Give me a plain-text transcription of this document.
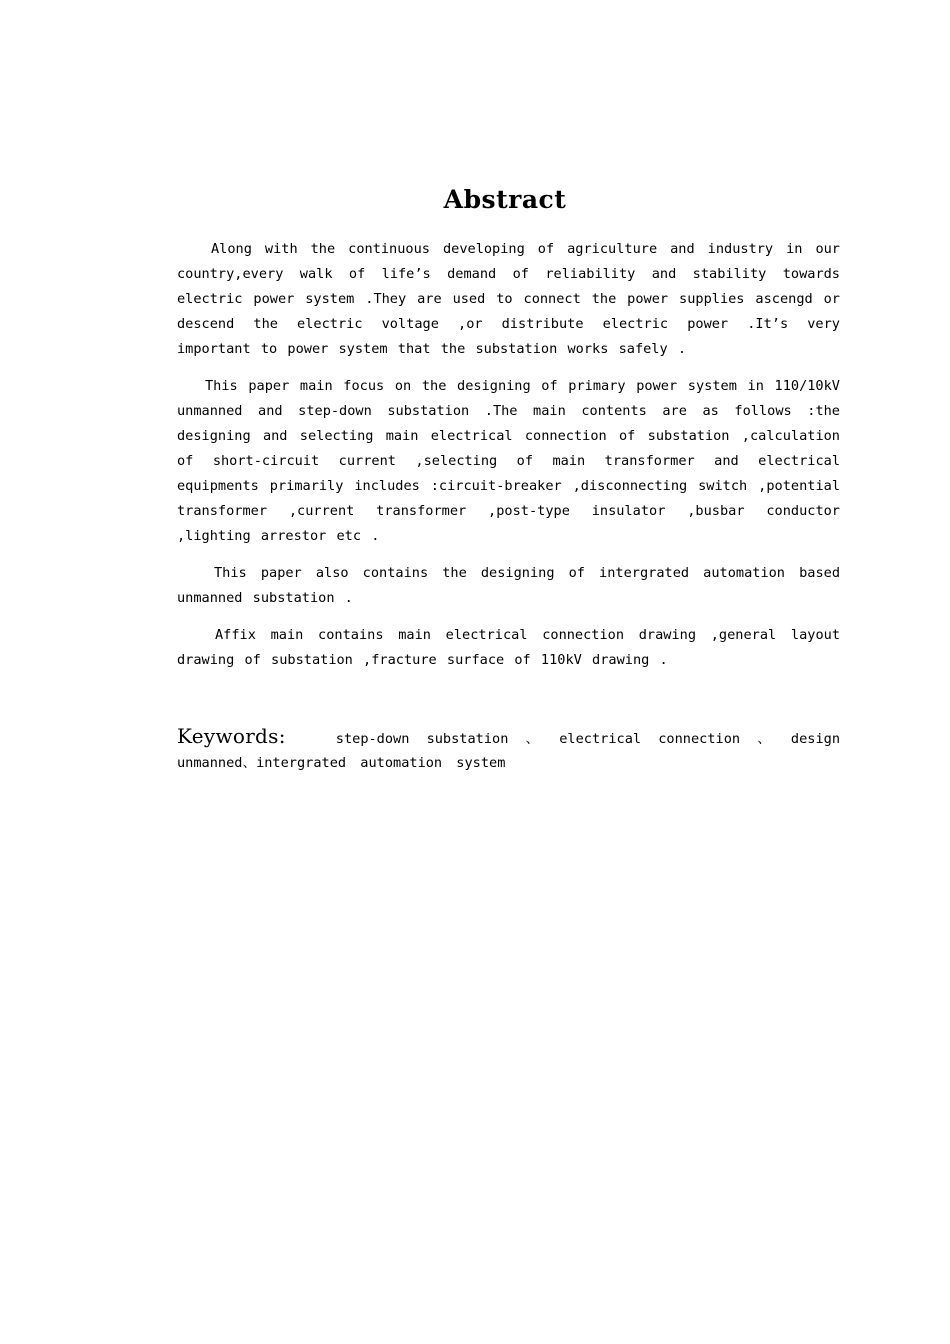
Abstract

Along with the continuous developing of agriculture and industry in our country,every walk of life’s demand of reliability and stability towards electric power system .They are used to connect the power supplies ascengd or descend the electric voltage ,or distribute electric power .It’s very important to power system that the substation works safely .

This paper main focus on the designing of primary power system in 110/10kV unmanned and step-down substation .The main contents are as follows :the designing and selecting main electrical connection of substation ,calculation of short-circuit current ,selecting of main transformer and electrical equipments primarily includes :circuit-breaker ,disconnecting switch ,potential transformer ,current transformer ,post-type insulator ,busbar conductor ,lighting arrestor etc .

This paper also contains the designing of intergrated automation based unmanned substation .

Affix main contains main electrical connection drawing ,general layout drawing of substation ,fracture surface of 110kV drawing .

Keywords:	step-down substation 、 electrical connection 、 design unmanned、intergrated automation system
